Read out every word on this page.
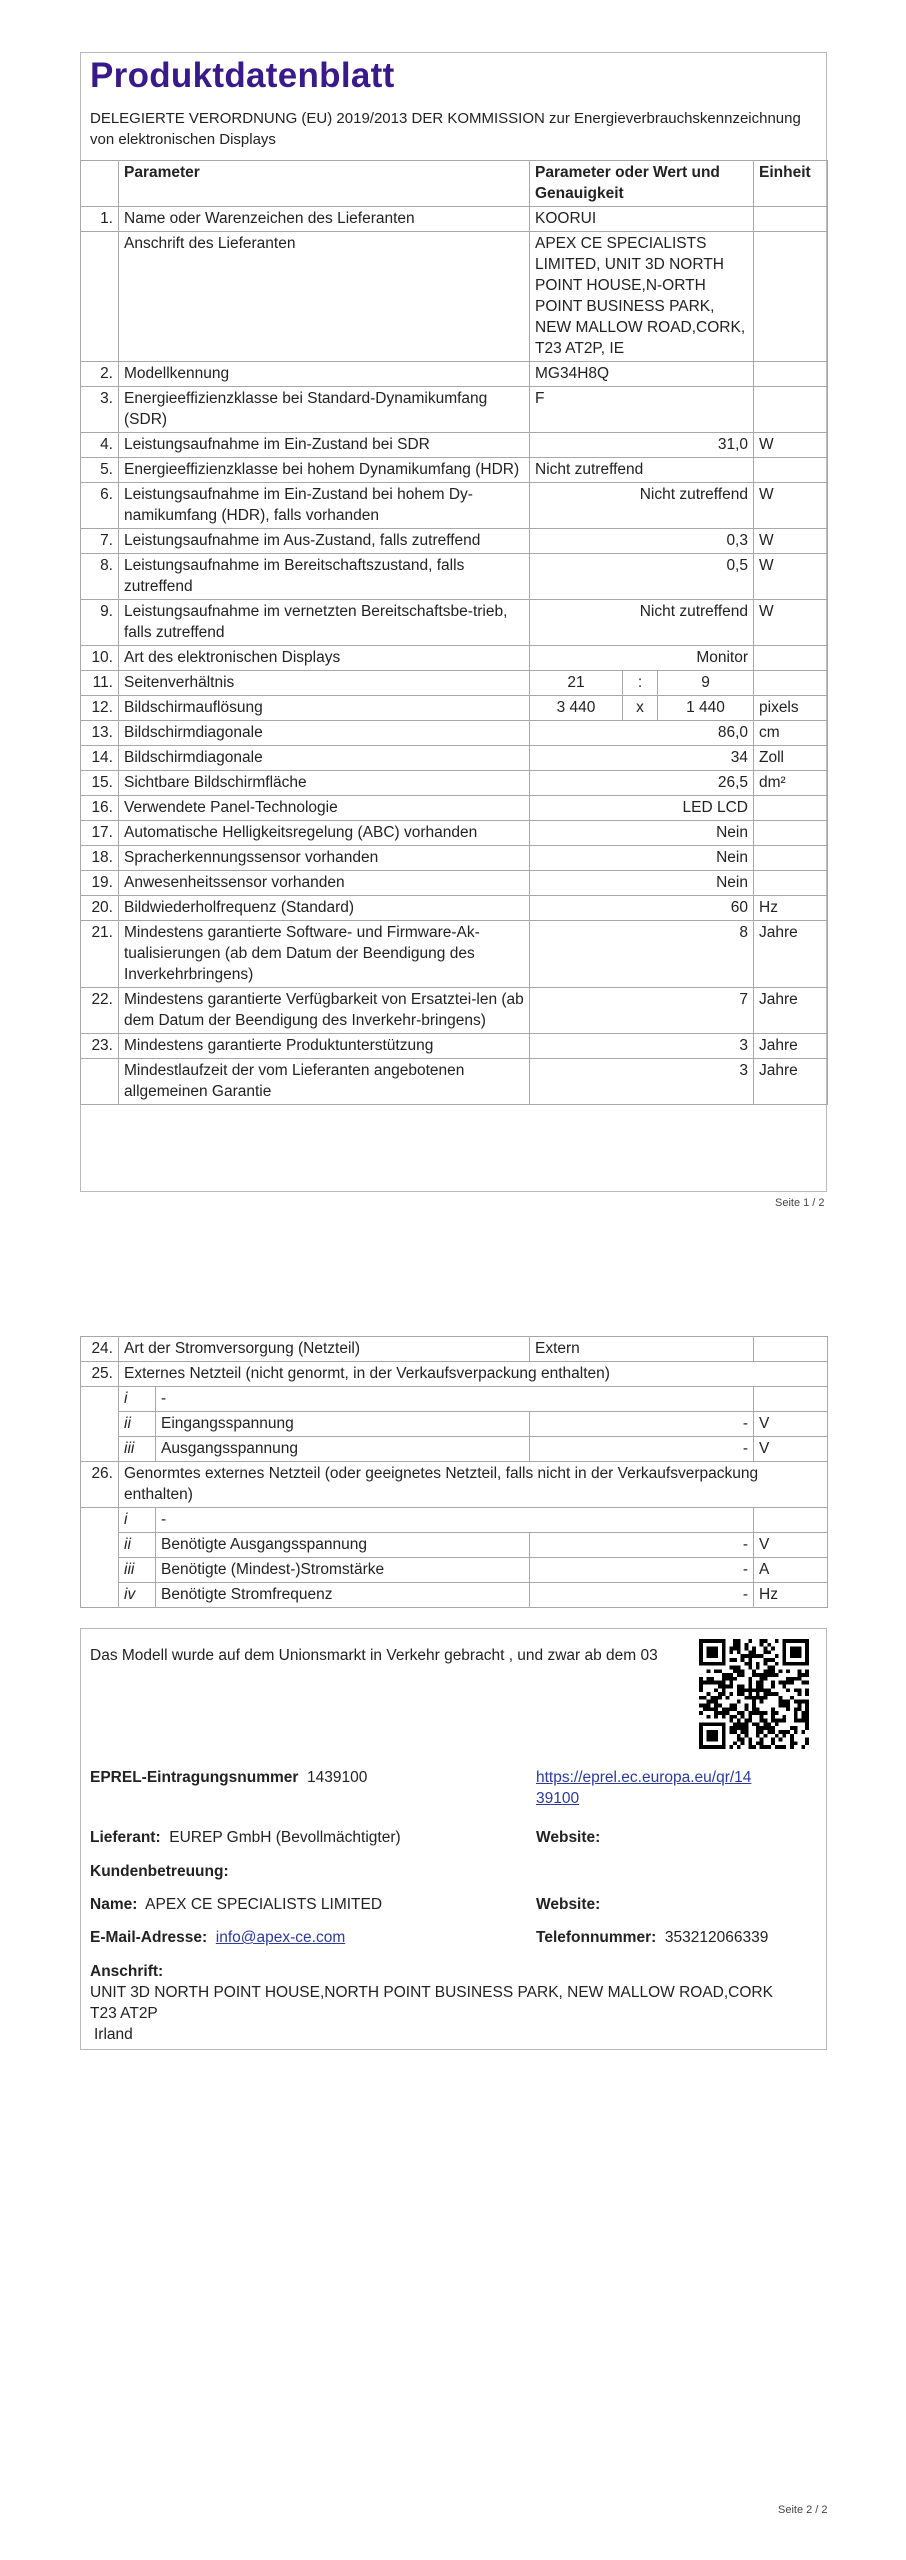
Produktdatenblatt
DELEGIERTE VERORDNUNG (EU) 2019/2013 DER KOMMISSION zur Energieverbrauchskennzeichnung von elektronischen Displays
	Parameter	Parameter oder Wert und Genauigkeit			Einheit
1.	Name oder Warenzeichen des Lieferanten	KOORUI			
	Anschrift des Lieferanten	APEX CE SPECIALISTS LIMITED, UNIT 3D NORTH POINT HOUSE,N-ORTH POINT BUSINESS PARK, NEW MALLOW ROAD,CORK, T23 AT2P, IE			
2.	Modellkennung	MG34H8Q			
3.	Energieeffizienzklasse bei Standard-Dynamikumfang (SDR)	F			
4.	Leistungsaufnahme im Ein-Zustand bei SDR	31,0			W
5.	Energieeffizienzklasse bei hohem Dynamikumfang (HDR)	Nicht zutreffend			
6.	Leistungsaufnahme im Ein-Zustand bei hohem Dy-namikumfang (HDR), falls vorhanden	Nicht zutreffend			W
7.	Leistungsaufnahme im Aus-Zustand, falls zutreffend	0,3			W
8.	Leistungsaufnahme im Bereitschaftszustand, falls zutreffend	0,5			W
9.	Leistungsaufnahme im vernetzten Bereitschaftsbe-trieb, falls zutreffend	Nicht zutreffend			W
10.	Art des elektronischen Displays	Monitor			
11.	Seitenverhältnis	21	:	9	
12.	Bildschirmauflösung	3 440	x	1 440	pixels
13.	Bildschirmdiagonale	86,0			cm
14.	Bildschirmdiagonale	34			Zoll
15.	Sichtbare Bildschirmfläche	26,5			dm²
16.	Verwendete Panel-Technologie	LED LCD			
17.	Automatische Helligkeitsregelung (ABC) vorhanden	Nein			
18.	Spracherkennungssensor vorhanden	Nein			
19.	Anwesenheitssensor vorhanden	Nein			
20.	Bildwiederholfrequenz (Standard)	60			Hz
21.	Mindestens garantierte Software- und Firmware-Ak-tualisierungen (ab dem Datum der Beendigung des Inverkehrbringens)	8			Jahre
22.	Mindestens garantierte Verfügbarkeit von Ersatztei-len (ab dem Datum der Beendigung des Inverkehr-bringens)	7			Jahre
23.	Mindestens garantierte Produktunterstützung	3			Jahre
	Mindestlaufzeit der vom Lieferanten angebotenen allgemeinen Garantie	3			Jahre
Seite 1 / 2
24.	Art der Stromversorgung (Netzteil)		Extern	
25.	Externes Netzteil (nicht genormt, in der Verkaufsverpackung enthalten)			
	i	-		
	ii	Eingangsspannung	-	V
	iii	Ausgangsspannung	-	V
26.	Genormtes externes Netzteil (oder geeignetes Netzteil, falls nicht in der Verkaufsverpackung enthalten)			
	i	-		
	ii	Benötigte Ausgangsspannung	-	V
	iii	Benötigte (Mindest-)Stromstärke	-	A
	iv	Benötigte Stromfrequenz	-	Hz
Das Modell wurde auf dem Unionsmarkt in Verkehr gebracht , und zwar ab dem 03
EPREL-Eintragungsnummer 1439100	https://eprel.ec.europa.eu/qr/14
39100
Lieferant: EUREP GmbH (Bevollmächtigter)	Website:
Kundenbetreuung:
Name: APEX CE SPECIALISTS LIMITED	Website:
E-Mail-Adresse: info@apex-ce.com	Telefonnummer: 353212066339
Anschrift:
UNIT 3D NORTH POINT HOUSE,NORTH POINT BUSINESS PARK, NEW MALLOW ROAD,CORK
T23 AT2P
Irland
Seite 2 / 2
